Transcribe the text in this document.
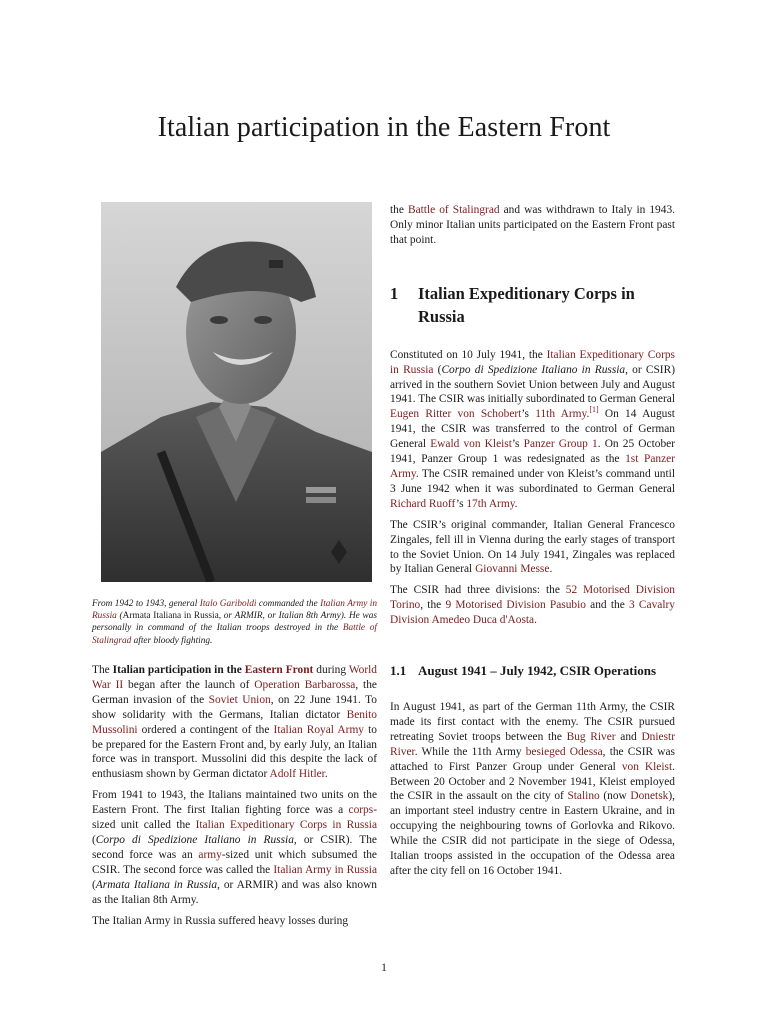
Italian participation in the Eastern Front
From 1942 to 1943, general Italo Gariboldi commanded the Italian Army in Russia (Armata Italiana in Russia, or ARMIR, or Italian 8th Army). He was personally in command of the Italian troops destroyed in the Battle of Stalingrad after bloody fighting.

The Italian participation in the Eastern Front during World War II began after the launch of Operation Barbarossa, the German invasion of the Soviet Union, on 22 June 1941. To show solidarity with the Germans, Italian dictator Benito Mussolini ordered a contingent of the Italian Royal Army to be prepared for the Eastern Front and, by early July, an Italian force was in transport. Mussolini did this despite the lack of enthusiasm shown by German dictator Adolf Hitler.

From 1941 to 1943, the Italians maintained two units on the Eastern Front. The first Italian fighting force was a corps-sized unit called the Italian Expeditionary Corps in Russia (Corpo di Spedizione Italiano in Russia, or CSIR). The second force was an army-sized unit which subsumed the CSIR. The second force was called the Italian Army in Russia (Armata Italiana in Russia, or ARMIR) and was also known as the Italian 8th Army.

The Italian Army in Russia suffered heavy losses during

the Battle of Stalingrad and was withdrawn to Italy in 1943. Only minor Italian units participated on the Eastern Front past that point.

1 Italian Expeditionary Corps in Russia

Constituted on 10 July 1941, the Italian Expeditionary Corps in Russia (Corpo di Spedizione Italiano in Russia, or CSIR) arrived in the southern Soviet Union between July and August 1941. The CSIR was initially subordinated to German General Eugen Ritter von Schobert’s 11th Army.[1] On 14 August 1941, the CSIR was transferred to the control of German General Ewald von Kleist’s Panzer Group 1. On 25 October 1941, Panzer Group 1 was redesignated as the 1st Panzer Army. The CSIR remained under von Kleist’s command until 3 June 1942 when it was subordinated to German General Richard Ruoff’s 17th Army.

The CSIR’s original commander, Italian General Francesco Zingales, fell ill in Vienna during the early stages of transport to the Soviet Union. On 14 July 1941, Zingales was replaced by Italian General Giovanni Messe.

The CSIR had three divisions: the 52 Motorised Division Torino, the 9 Motorised Division Pasubio and the 3 Cavalry Division Amedeo Duca d'Aosta.

1.1 August 1941 – July 1942, CSIR Operations

In August 1941, as part of the German 11th Army, the CSIR made its first contact with the enemy. The CSIR pursued retreating Soviet troops between the Bug River and Dniestr River. While the 11th Army besieged Odessa, the CSIR was attached to First Panzer Group under General von Kleist. Between 20 October and 2 November 1941, Kleist employed the CSIR in the assault on the city of Stalino (now Donetsk), an important steel industry centre in Eastern Ukraine, and in occupying the neighbouring towns of Gorlovka and Rikovo. While the CSIR did not participate in the siege of Odessa, Italian troops assisted in the occupation of the Odessa area after the city fell on 16 October 1941.

1
